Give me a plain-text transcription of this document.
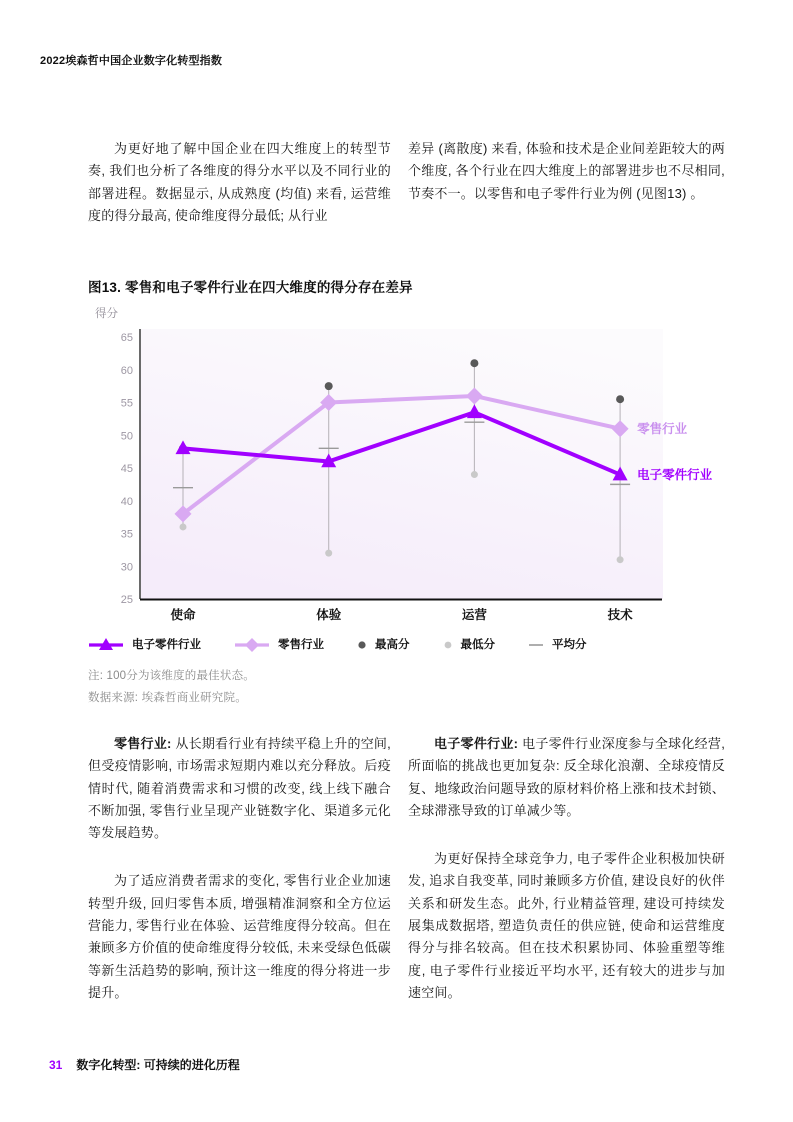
2022埃森哲中国企业数字化转型指数

为更好地了解中国企业在四大维度上的转型节奏, 我们也分析了各维度的得分水平以及不同行业的部署进程。数据显示, 从成熟度 (均值) 来看, 运营维度的得分最高, 使命维度得分最低; 从行业

差异 (离散度) 来看, 体验和技术是企业间差距较大的两个维度, 各个行业在四大维度上的部署进步也不尽相同, 节奏不一。以零售和电子零件行业为例 (见图13) 。

图13. 零售和电子零件行业在四大维度的得分存在差异
得分
65
60
55
50
45
40
35
30
25
零售行业
电子零件行业
使命	体验	运营	技术
电子零件行业	零售行业	最高分	最低分	平均分
注: 100分为该维度的最佳状态。
数据来源: 埃森哲商业研究院。

零售行业: 从长期看行业有持续平稳上升的空间, 但受疫情影响, 市场需求短期内难以充分释放。后疫情时代, 随着消费需求和习惯的改变, 线上线下融合不断加强, 零售行业呈现产业链数字化、渠道多元化等发展趋势。

为了适应消费者需求的变化, 零售行业企业加速转型升级, 回归零售本质, 增强精准洞察和全方位运营能力, 零售行业在体验、运营维度得分较高。但在兼顾多方价值的使命维度得分较低, 未来受绿色低碳等新生活趋势的影响, 预计这一维度的得分将进一步提升。

电子零件行业: 电子零件行业深度参与全球化经营, 所面临的挑战也更加复杂: 反全球化浪潮、全球疫情反复、地缘政治问题导致的原材料价格上涨和技术封锁、全球滞涨导致的订单减少等。

为更好保持全球竞争力, 电子零件企业积极加快研发, 追求自我变革, 同时兼顾多方价值, 建设良好的伙伴关系和研发生态。此外, 行业精益管理, 建设可持续发展集成数据塔, 塑造负责任的供应链, 使命和运营维度得分与排名较高。但在技术积累协同、体验重塑等维度, 电子零件行业接近平均水平, 还有较大的进步与加速空间。

31 数字化转型: 可持续的进化历程
